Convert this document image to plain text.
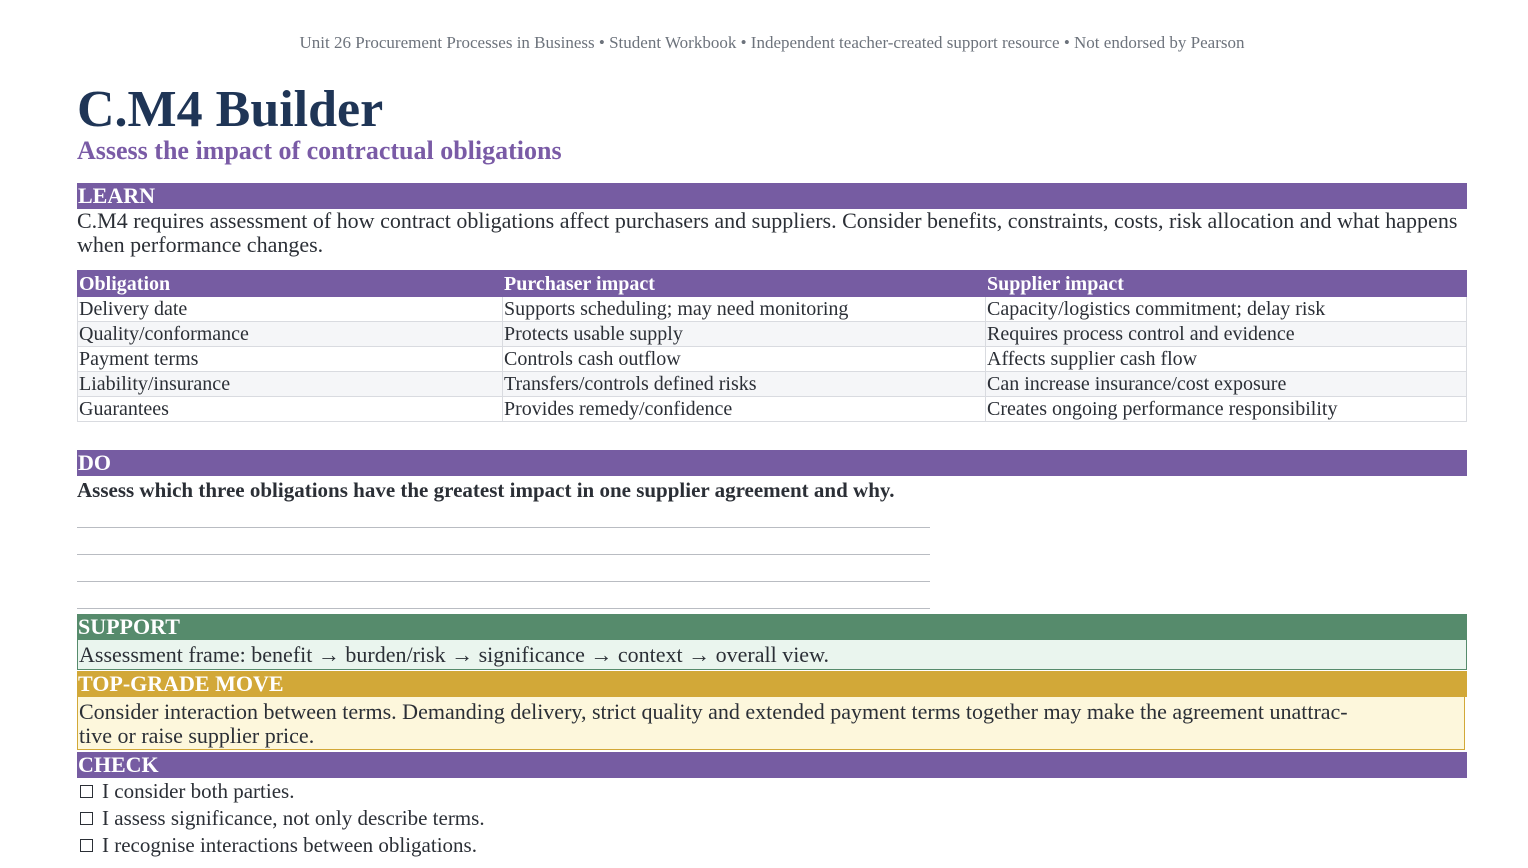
Unit 26 Procurement Processes in Business • Student Workbook • Independent teacher-created support resource • Not endorsed by Pearson
C.M4 Builder
Assess the impact of contractual obligations
LEARN
C.M4 requires assessment of how contract obligations affect purchasers and suppliers. Consider benefits, constraints, costs, risk allocation and what happens when performance changes.
Obligation	Purchaser impact	Supplier impact
Delivery date	Supports scheduling; may need monitoring	Capacity/logistics commitment; delay risk
Quality/conformance	Protects usable supply	Requires process control and evidence
Payment terms	Controls cash outflow	Affects supplier cash flow
Liability/insurance	Transfers/controls defined risks	Can increase insurance/cost exposure
Guarantees	Provides remedy/confidence	Creates ongoing performance responsibility
DO
Assess which three obligations have the greatest impact in one supplier agreement and why.
SUPPORT
Assessment frame: benefit → burden/risk → significance → context → overall view.
TOP-GRADE MOVE
Consider interaction between terms. Demanding delivery, strict quality and extended payment terms together may make the agreement unattrac-
tive or raise supplier price.
CHECK
I consider both parties.
I assess significance, not only describe terms.
I recognise interactions between obligations.
